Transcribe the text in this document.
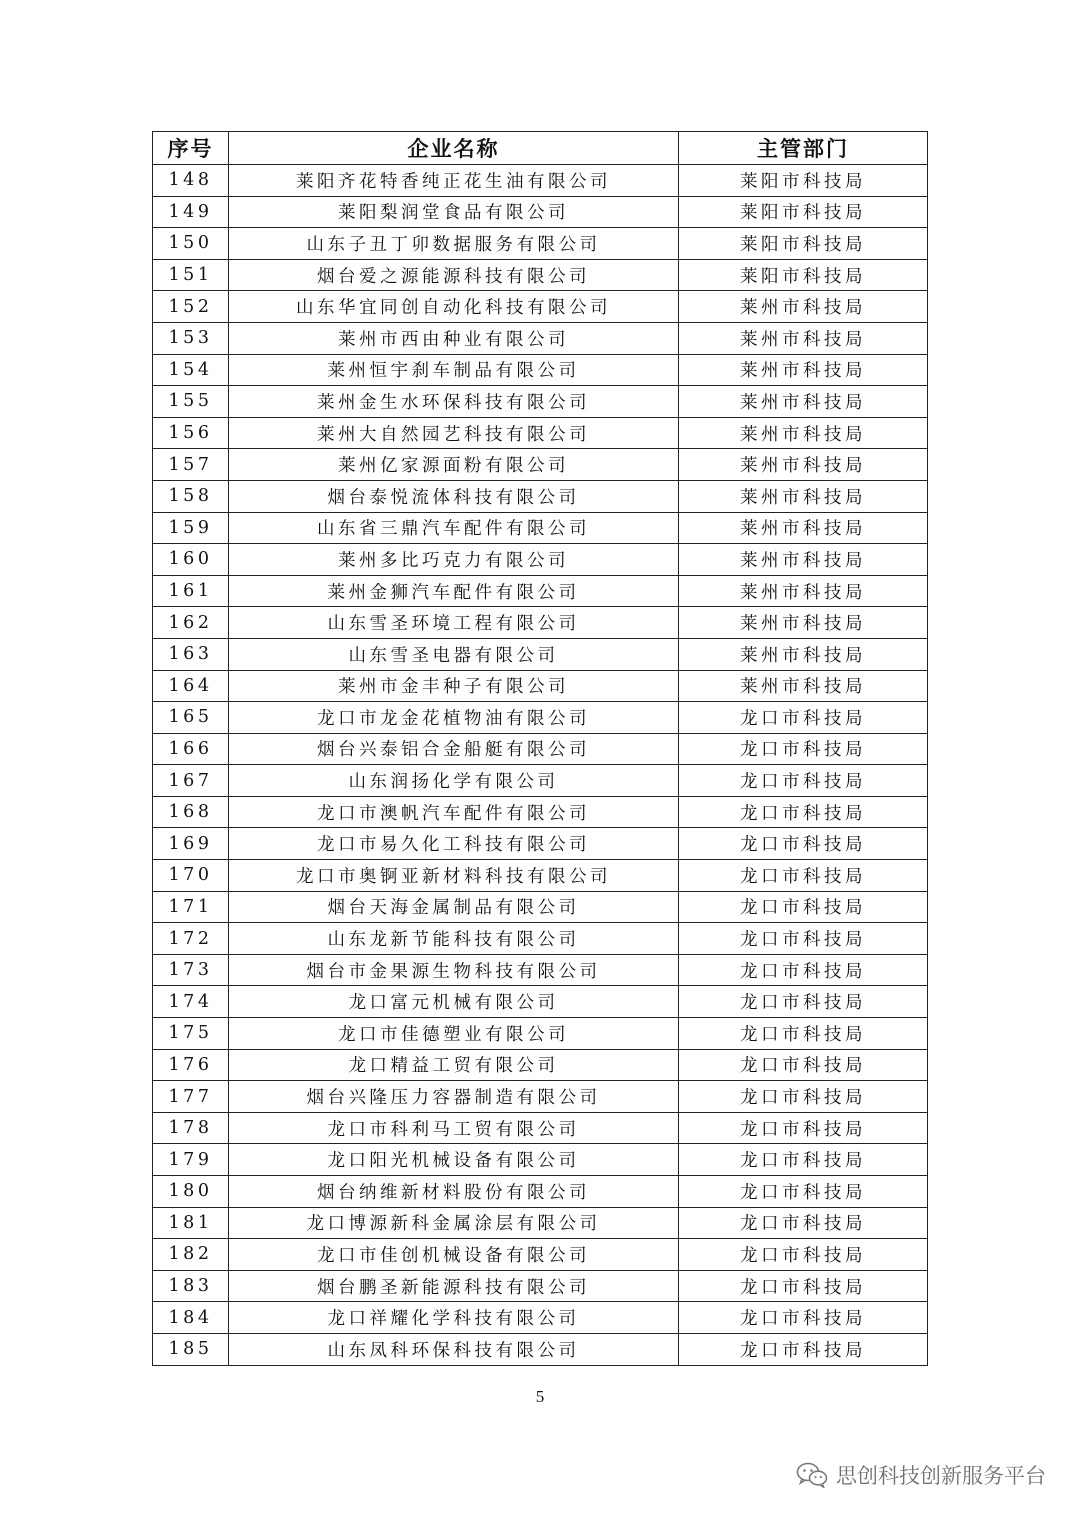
序号	企业名称	主管部门
148	莱阳齐花特香纯正花生油有限公司	莱阳市科技局
149	莱阳梨润堂食品有限公司	莱阳市科技局
150	山东子丑丁卯数据服务有限公司	莱阳市科技局
151	烟台爱之源能源科技有限公司	莱阳市科技局
152	山东华宜同创自动化科技有限公司	莱州市科技局
153	莱州市西由种业有限公司	莱州市科技局
154	莱州恒宇刹车制品有限公司	莱州市科技局
155	莱州金生水环保科技有限公司	莱州市科技局
156	莱州大自然园艺科技有限公司	莱州市科技局
157	莱州亿家源面粉有限公司	莱州市科技局
158	烟台泰悦流体科技有限公司	莱州市科技局
159	山东省三鼎汽车配件有限公司	莱州市科技局
160	莱州多比巧克力有限公司	莱州市科技局
161	莱州金狮汽车配件有限公司	莱州市科技局
162	山东雪圣环境工程有限公司	莱州市科技局
163	山东雪圣电器有限公司	莱州市科技局
164	莱州市金丰种子有限公司	莱州市科技局
165	龙口市龙金花植物油有限公司	龙口市科技局
166	烟台兴泰铝合金船艇有限公司	龙口市科技局
167	山东润扬化学有限公司	龙口市科技局
168	龙口市澳帆汽车配件有限公司	龙口市科技局
169	龙口市易久化工科技有限公司	龙口市科技局
170	龙口市奥锕亚新材料科技有限公司	龙口市科技局
171	烟台天海金属制品有限公司	龙口市科技局
172	山东龙新节能科技有限公司	龙口市科技局
173	烟台市金果源生物科技有限公司	龙口市科技局
174	龙口富元机械有限公司	龙口市科技局
175	龙口市佳德塑业有限公司	龙口市科技局
176	龙口精益工贸有限公司	龙口市科技局
177	烟台兴隆压力容器制造有限公司	龙口市科技局
178	龙口市科利马工贸有限公司	龙口市科技局
179	龙口阳光机械设备有限公司	龙口市科技局
180	烟台纳维新材料股份有限公司	龙口市科技局
181	龙口博源新科金属涂层有限公司	龙口市科技局
182	龙口市佳创机械设备有限公司	龙口市科技局
183	烟台鹏圣新能源科技有限公司	龙口市科技局
184	龙口祥耀化学科技有限公司	龙口市科技局
185	山东凤科环保科技有限公司	龙口市科技局
5
思创科技创新服务平台
